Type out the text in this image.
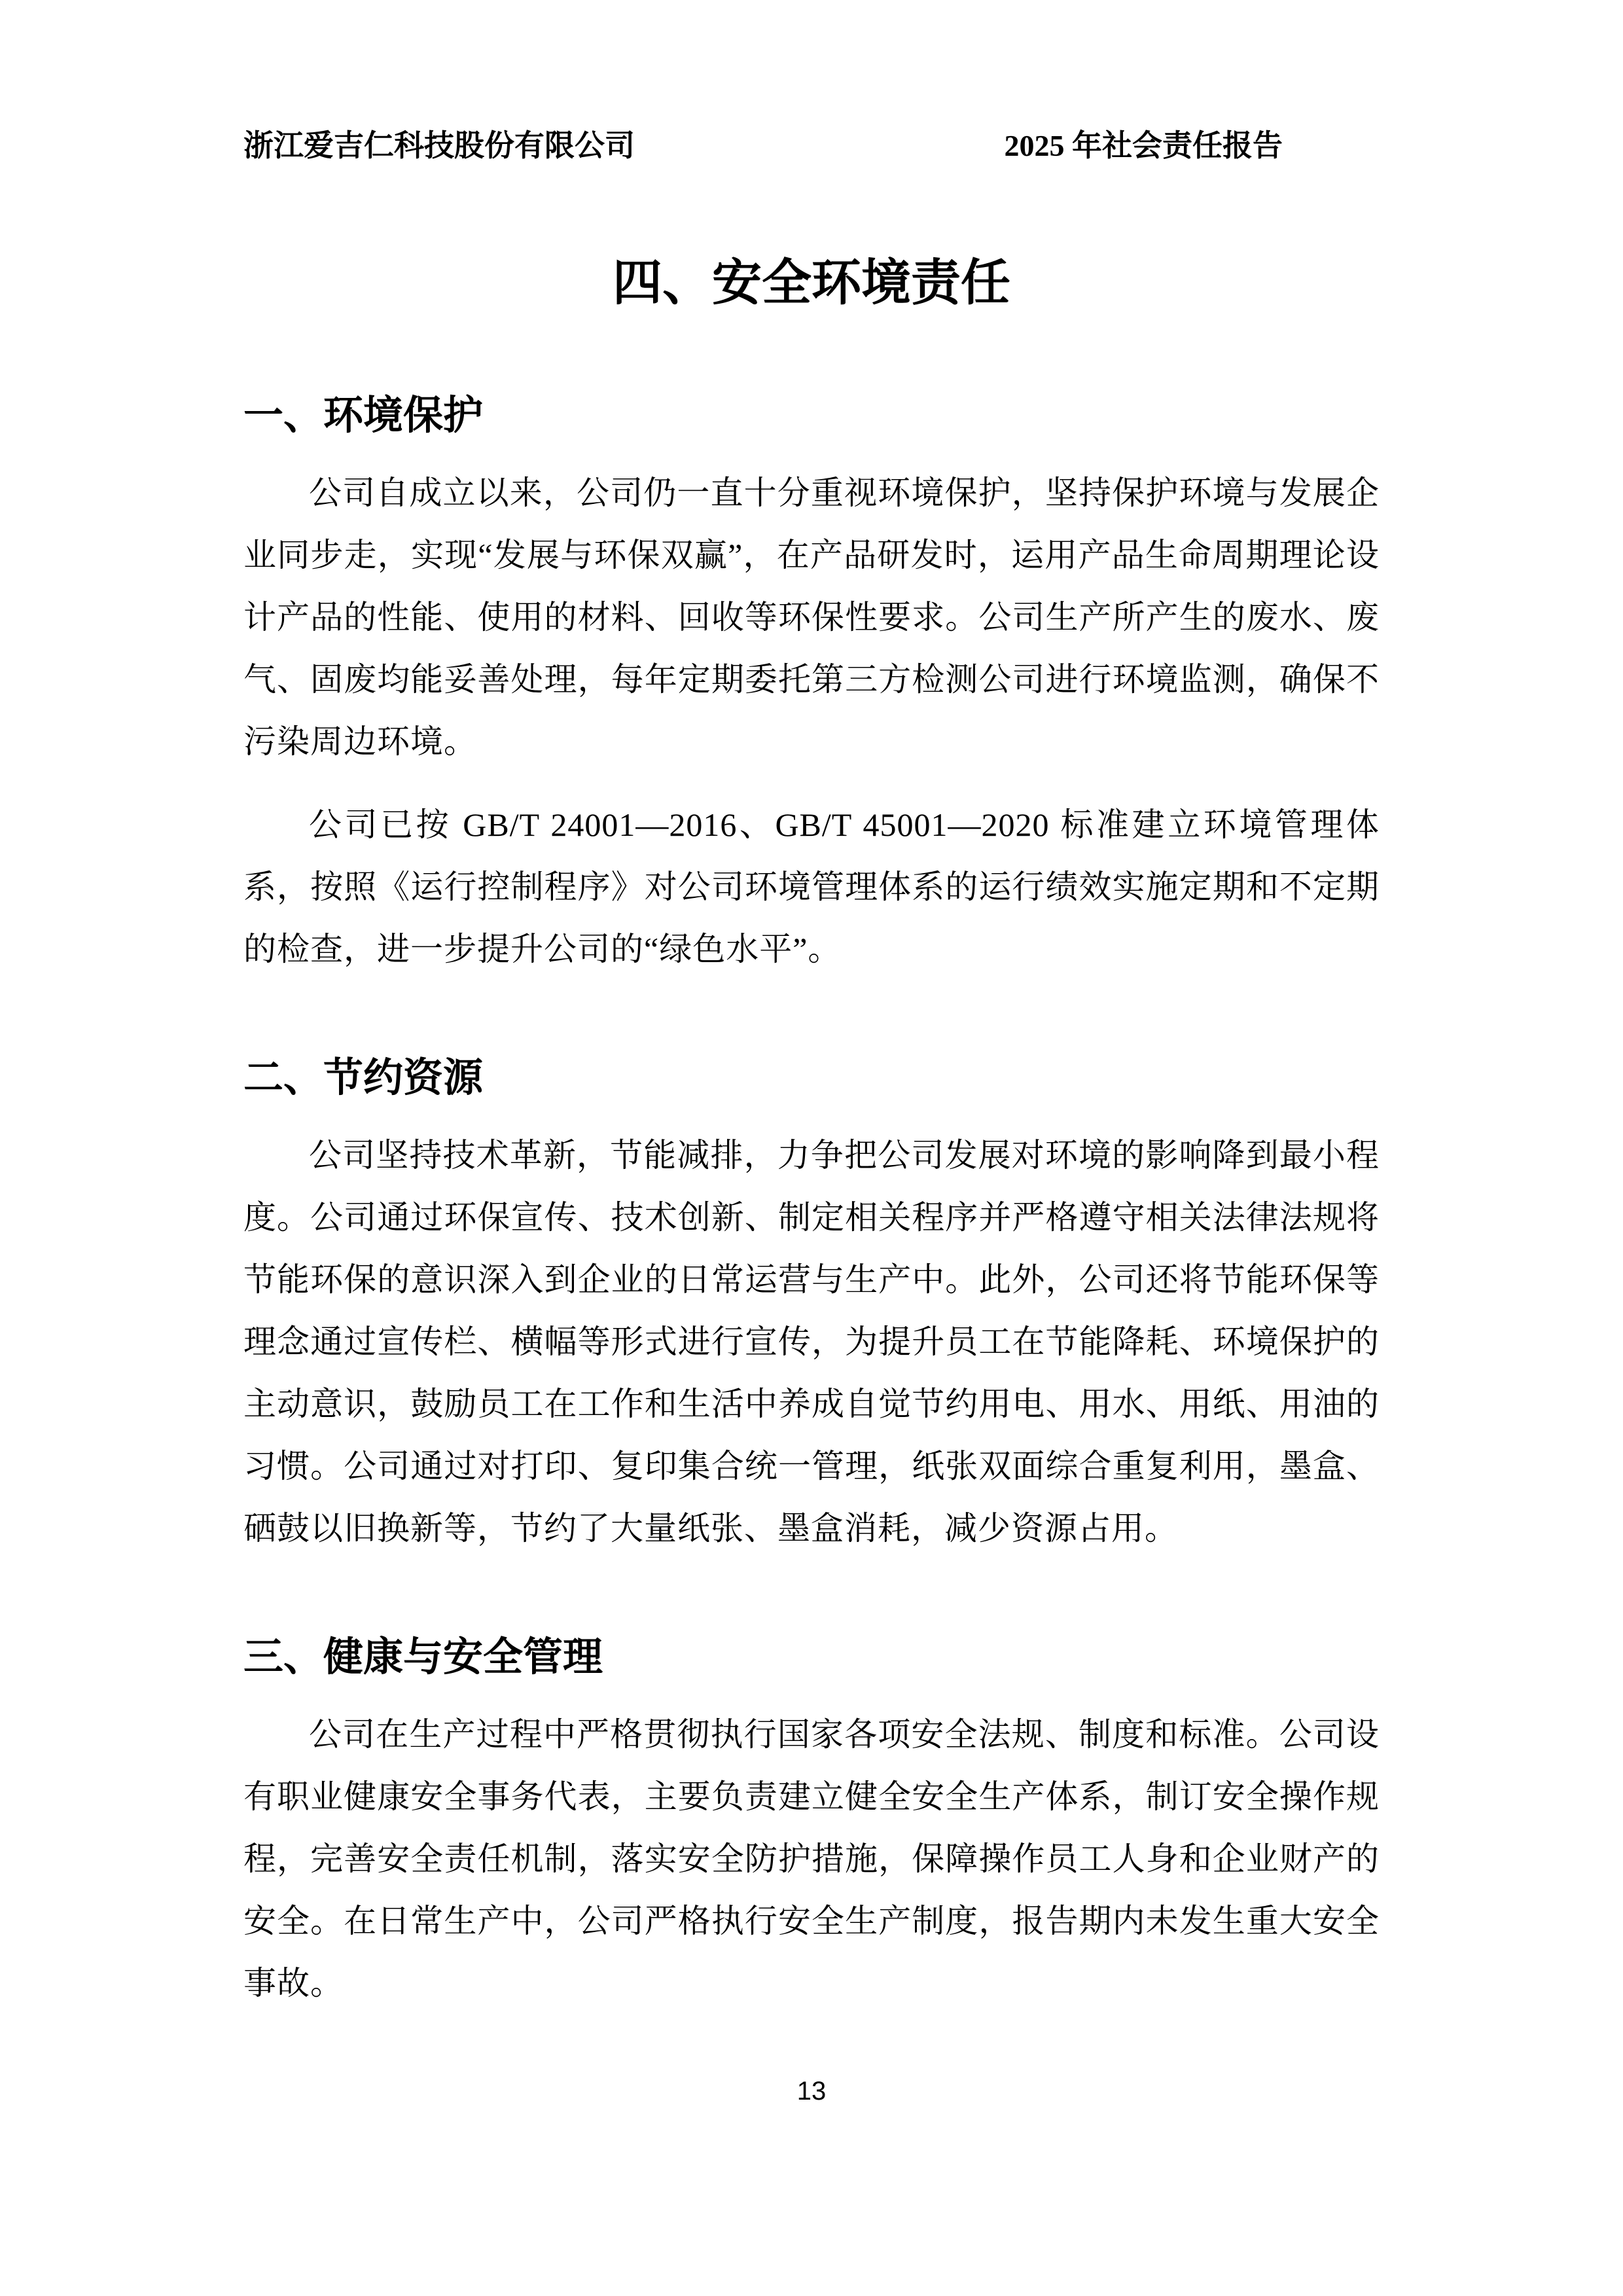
浙江爱吉仁科技股份有限公司	2025 年社会责任报告
四、安全环境责任
一、环境保护

公司自成立以来，公司仍一直十分重视环境保护，坚持保护环境与发展企业同步走，实现“发展与环保双赢”，在产品研发时，运用产品生命周期理论设计产品的性能、使用的材料、回收等环保性要求。公司生产所产生的废水、废气、固废均能妥善处理，每年定期委托第三方检测公司进行环境监测，确保不污染周边环境。

公司已按 GB/T 24001—2016、GB/T 45001—2020 标准建立环境管理体系，按照《运行控制程序》对公司环境管理体系的运行绩效实施定期和不定期的检查，进一步提升公司的“绿色水平”。

二、节约资源

公司坚持技术革新，节能减排，力争把公司发展对环境的影响降到最小程度。公司通过环保宣传、技术创新、制定相关程序并严格遵守相关法律法规将节能环保的意识深入到企业的日常运营与生产中。此外，公司还将节能环保等理念通过宣传栏、横幅等形式进行宣传，为提升员工在节能降耗、环境保护的主动意识，鼓励员工在工作和生活中养成自觉节约用电、用水、用纸、用油的习惯。公司通过对打印、复印集合统一管理，纸张双面综合重复利用，墨盒、硒鼓以旧换新等，节约了大量纸张、墨盒消耗，减少资源占用。

三、健康与安全管理

公司在生产过程中严格贯彻执行国家各项安全法规、制度和标准。公司设有职业健康安全事务代表，主要负责建立健全安全生产体系，制订安全操作规程，完善安全责任机制，落实安全防护措施，保障操作员工人身和企业财产的安全。在日常生产中，公司严格执行安全生产制度，报告期内未发生重大安全事故。

13
